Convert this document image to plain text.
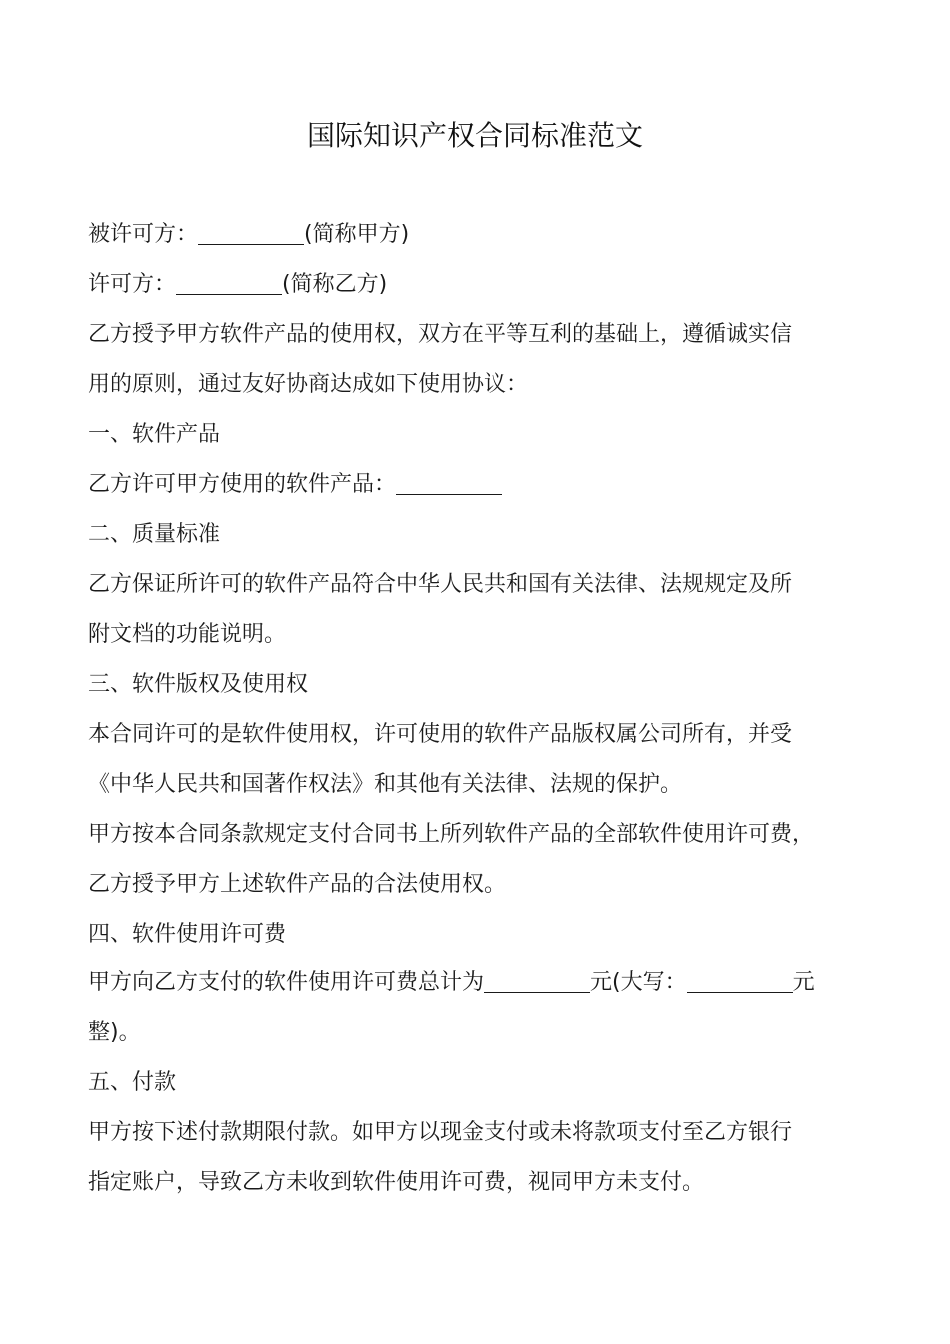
国际知识产权合同标准范文
被许可方：	(简称甲方)
许可方：	(简称乙方)
乙方授予甲方软件产品的使用权，双方在平等互利的基础上，遵循诚实信
用的原则，通过友好协商达成如下使用协议：
一、软件产品
乙方许可甲方使用的软件产品：
二、质量标准
乙方保证所许可的软件产品符合中华人民共和国有关法律、法规规定及所
附文档的功能说明。
三、软件版权及使用权
本合同许可的是软件使用权，许可使用的软件产品版权属公司所有，并受
《中华人民共和国著作权法》和其他有关法律、法规的保护。
甲方按本合同条款规定支付合同书上所列软件产品的全部软件使用许可费，
乙方授予甲方上述软件产品的合法使用权。
四、软件使用许可费
甲方向乙方支付的软件使用许可费总计为	元(大写：	元
整)。
五、付款
甲方按下述付款期限付款。如甲方以现金支付或未将款项支付至乙方银行
指定账户，导致乙方未收到软件使用许可费，视同甲方未支付。
